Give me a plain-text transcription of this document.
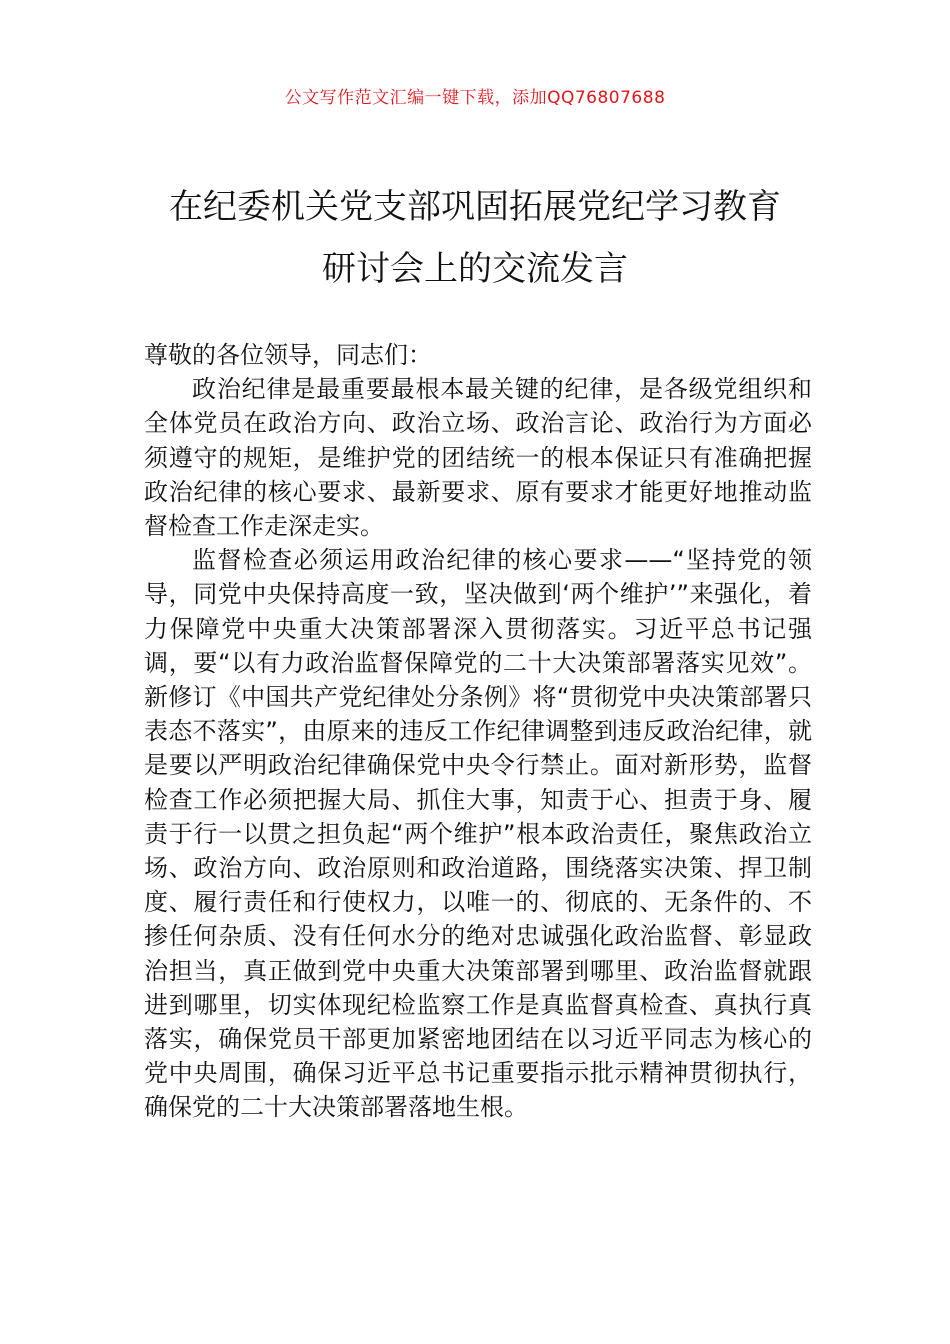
公文写作范文汇编一键下载，添加QQ76807688
在纪委机关党支部巩固拓展党纪学习教育
研讨会上的交流发言

尊敬的各位领导，同志们：

政治纪律是最重要最根本最关键的纪律，是各级党组织和全体党员在政治方向、政治立场、政治言论、政治行为方面必须遵守的规矩，是维护党的团结统一的根本保证只有准确把握政治纪律的核心要求、最新要求、原有要求才能更好地推动监督检查工作走深走实。

监督检查必须运用政治纪律的核心要求——“坚持党的领导，同党中央保持高度一致，坚决做到‘两个维护’”来强化，着力保障党中央重大决策部署深入贯彻落实。习近平总书记强调，要“以有力政治监督保障党的二十大决策部署落实见效”。新修订《中国共产党纪律处分条例》将“贯彻党中央决策部署只表态不落实”，由原来的违反工作纪律调整到违反政治纪律，就是要以严明政治纪律确保党中央令行禁止。面对新形势，监督检查工作必须把握大局、抓住大事，知责于心、担责于身、履责于行一以贯之担负起“两个维护”根本政治责任，聚焦政治立场、政治方向、政治原则和政治道路，围绕落实决策、捍卫制度、履行责任和行使权力，以唯一的、彻底的、无条件的、不掺任何杂质、没有任何水分的绝对忠诚强化政治监督、彰显政治担当，真正做到党中央重大决策部署到哪里、政治监督就跟进到哪里，切实体现纪检监察工作是真监督真检查、真执行真落实，确保党员干部更加紧密地团结在以习近平同志为核心的党中央周围，确保习近平总书记重要指示批示精神贯彻执行，确保党的二十大决策部署落地生根。
